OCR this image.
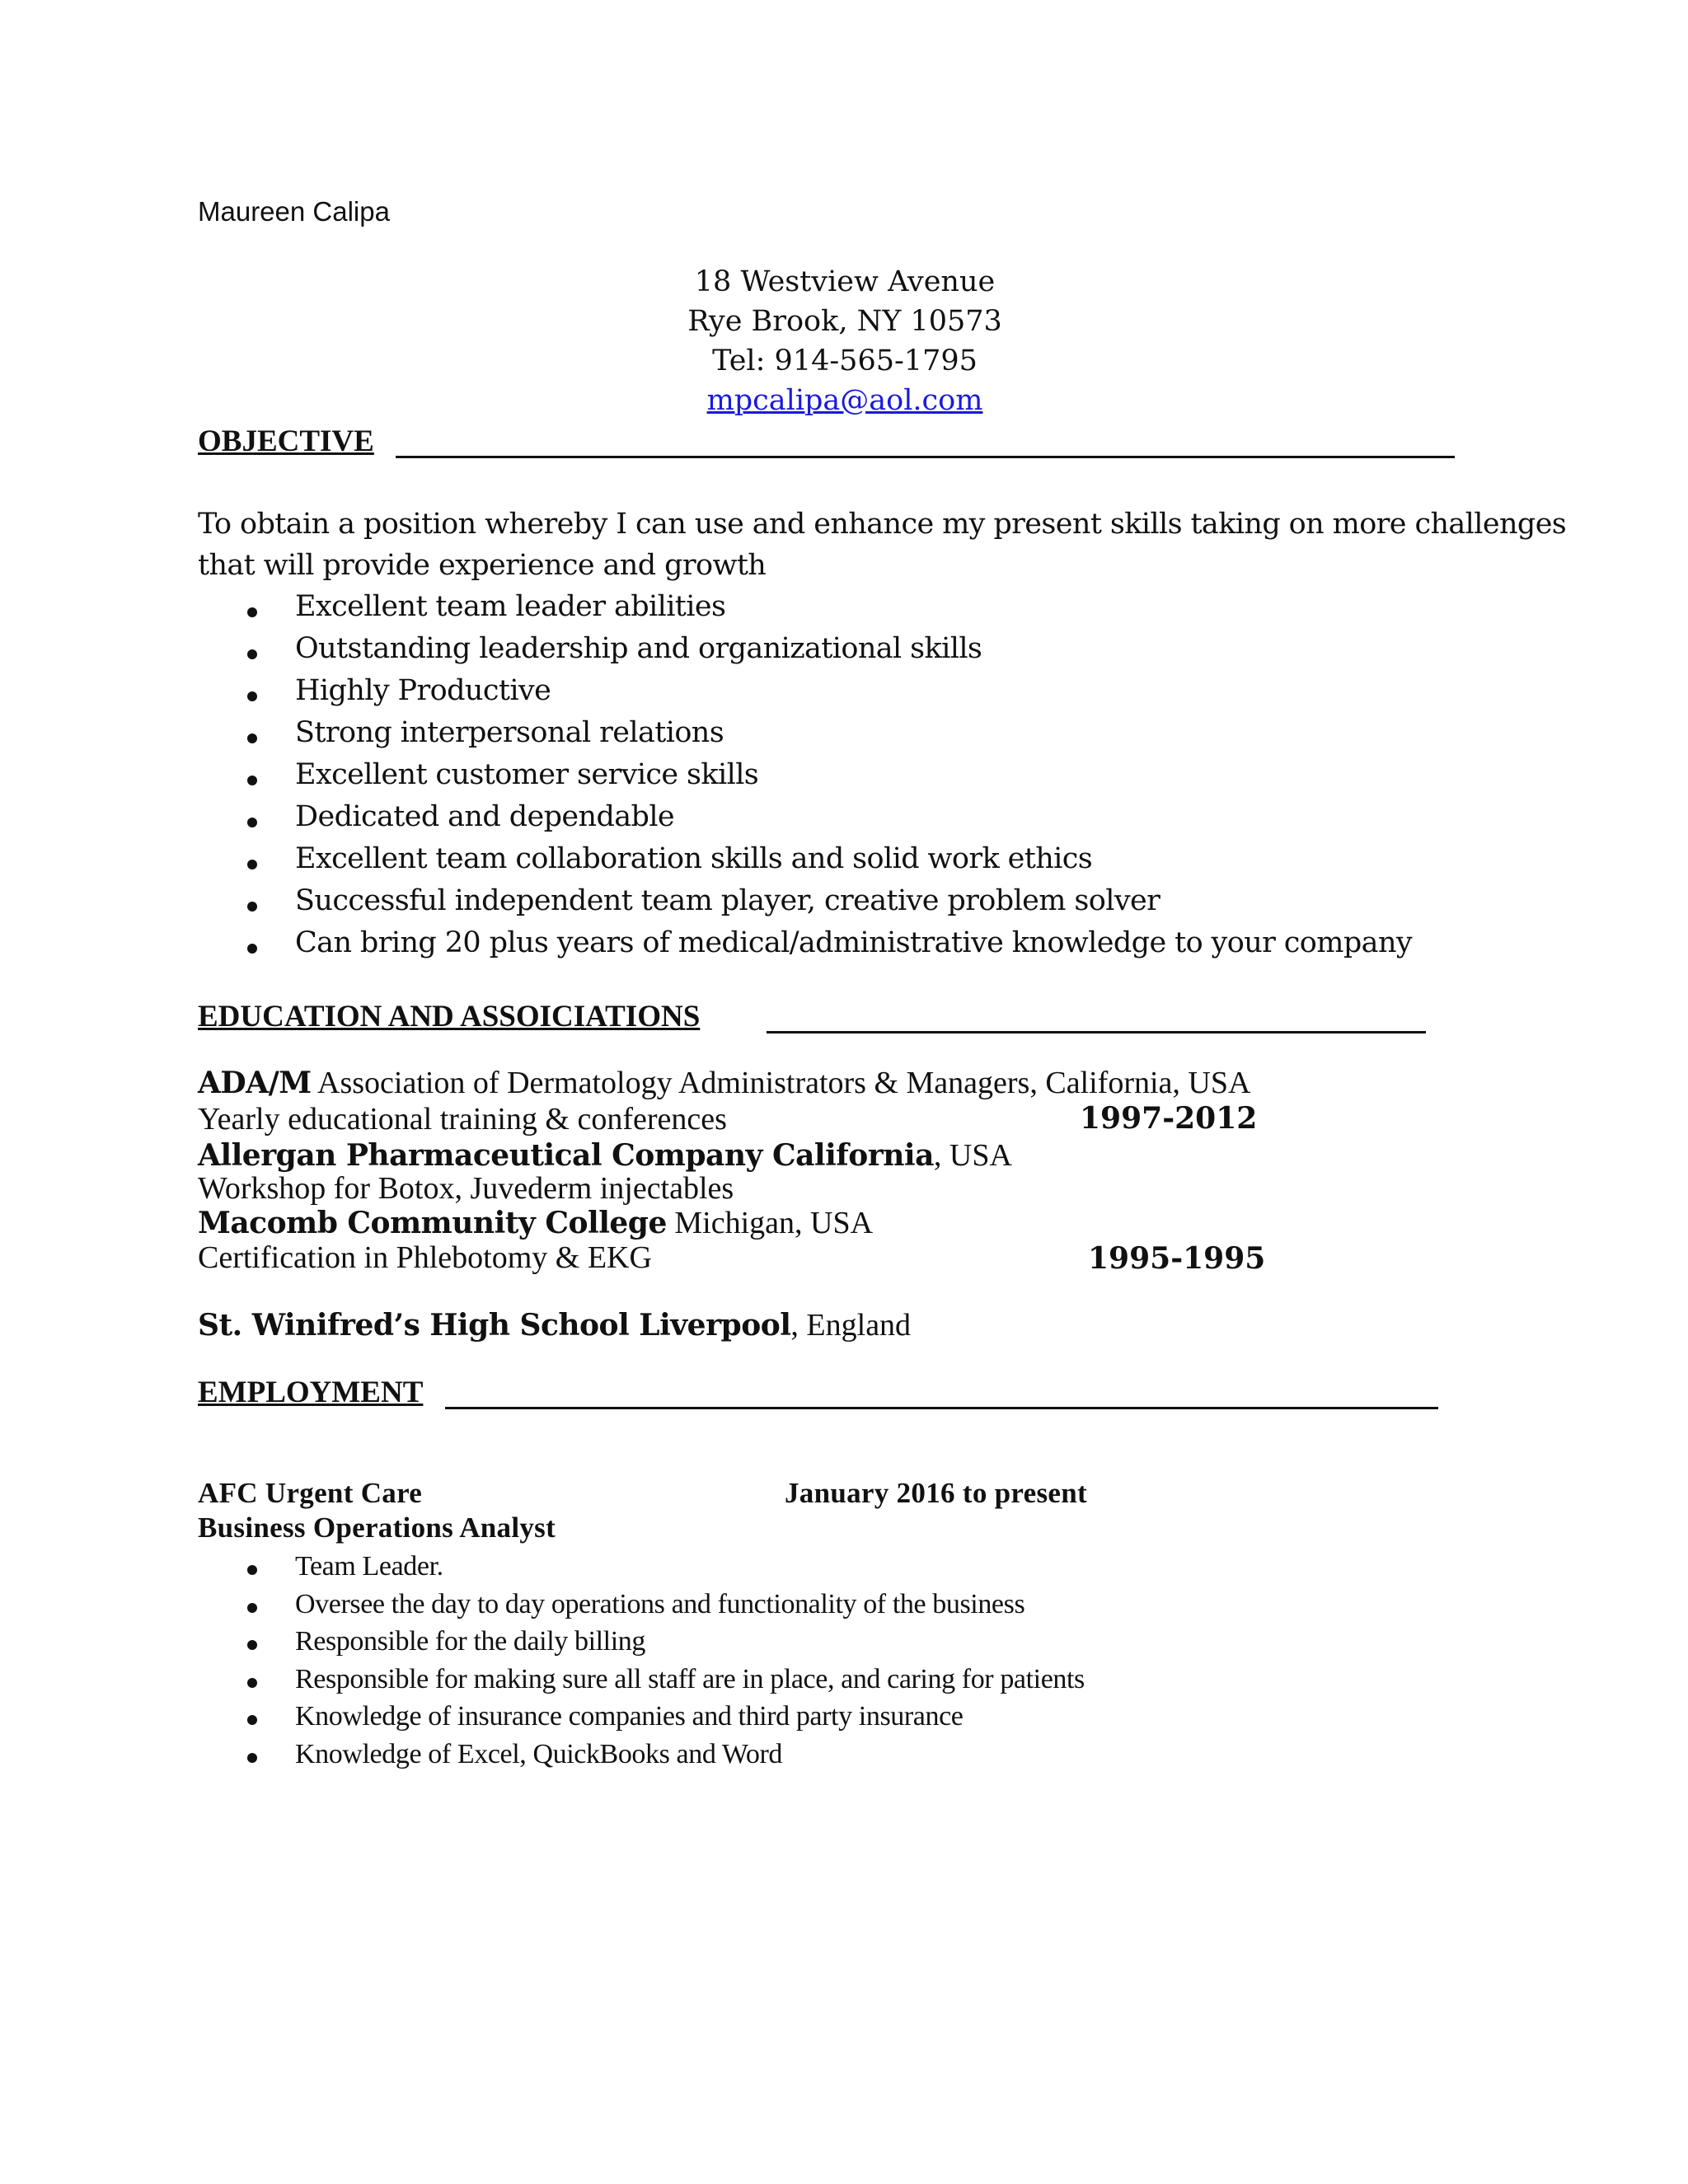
Maureen Calipa
18 Westview Avenue
Rye Brook, NY 10573
Tel: 914-565-1795
mpcalipa@aol.com
OBJECTIVE
To obtain a position whereby I can use and enhance my present skills taking on more challenges
that will provide experience and growth
Excellent team leader abilities
Outstanding leadership and organizational skills
Highly Productive
Strong interpersonal relations
Excellent customer service skills
Dedicated and dependable
Excellent team collaboration skills and solid work ethics
Successful independent team player, creative problem solver
Can bring 20 plus years of medical/administrative knowledge to your company
EDUCATION AND ASSOICIATIONS
ADA/M Association of Dermatology Administrators & Managers, California, USA
Yearly educational training & conferences	1997-2012
Allergan Pharmaceutical Company California, USA
Workshop for Botox, Juvederm injectables
Macomb Community College Michigan, USA
Certification in Phlebotomy & EKG	1995-1995
St. Winifred’s High School Liverpool, England
EMPLOYMENT
AFC Urgent Care	January 2016 to present
Business Operations Analyst
Team Leader.
Oversee the day to day operations and functionality of the business
Responsible for the daily billing
Responsible for making sure all staff are in place, and caring for patients
Knowledge of insurance companies and third party insurance
Knowledge of Excel, QuickBooks and Word
